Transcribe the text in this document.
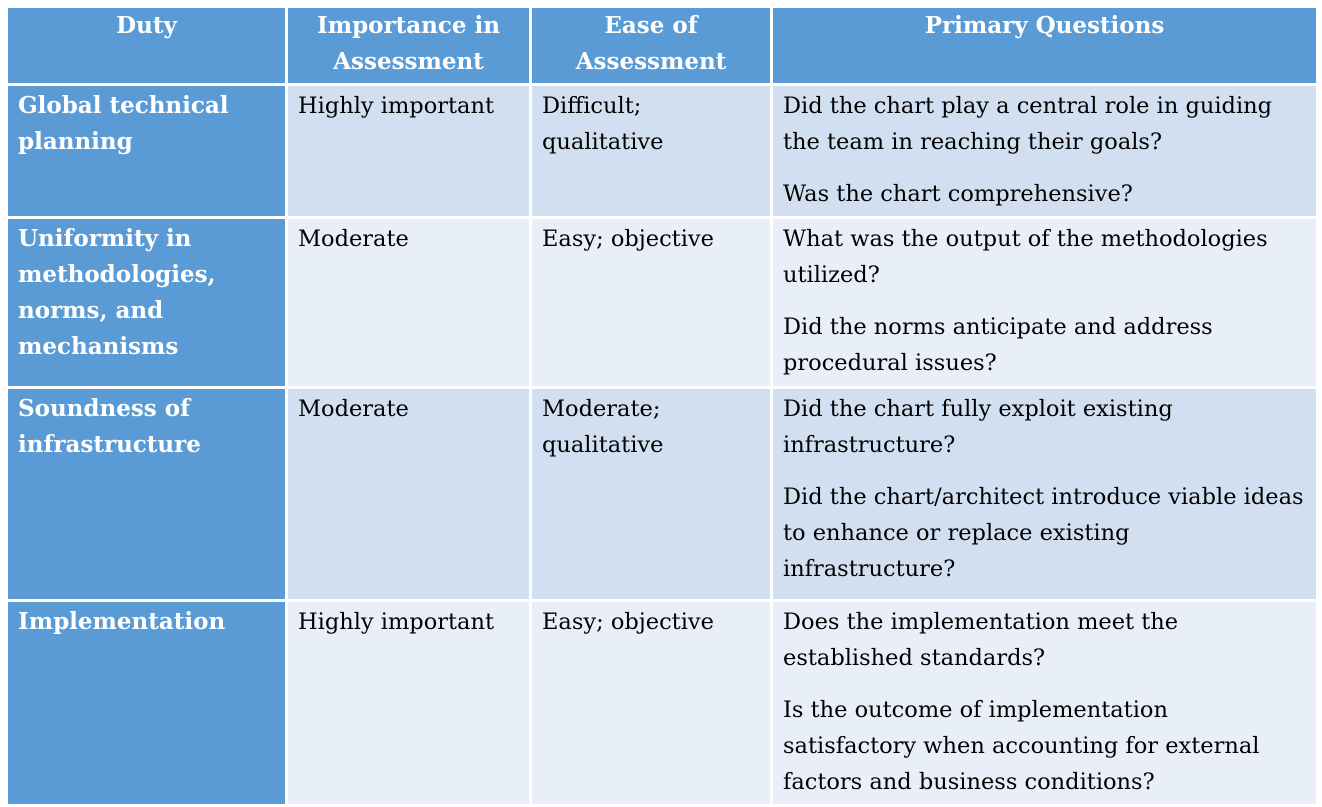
Duty	Importance in Assessment	Ease of Assessment	Primary Questions
Global technical planning	Highly important	Difficult; qualitative	Did the chart play a central role in guiding the team in reaching their goals?

Was the chart comprehensive?

Uniformity in methodologies, norms, and mechanisms	Moderate	Easy; objective	What was the output of the methodologies utilized?

Did the norms anticipate and address procedural issues?

Soundness of infrastructure	Moderate	Moderate; qualitative	Did the chart fully exploit existing infrastructure?

Did the chart/architect introduce viable ideas to enhance or replace existing infrastructure?

Implementation	Highly important	Easy; objective	Does the implementation meet the established standards?

Is the outcome of implementation satisfactory when accounting for external factors and business conditions?
